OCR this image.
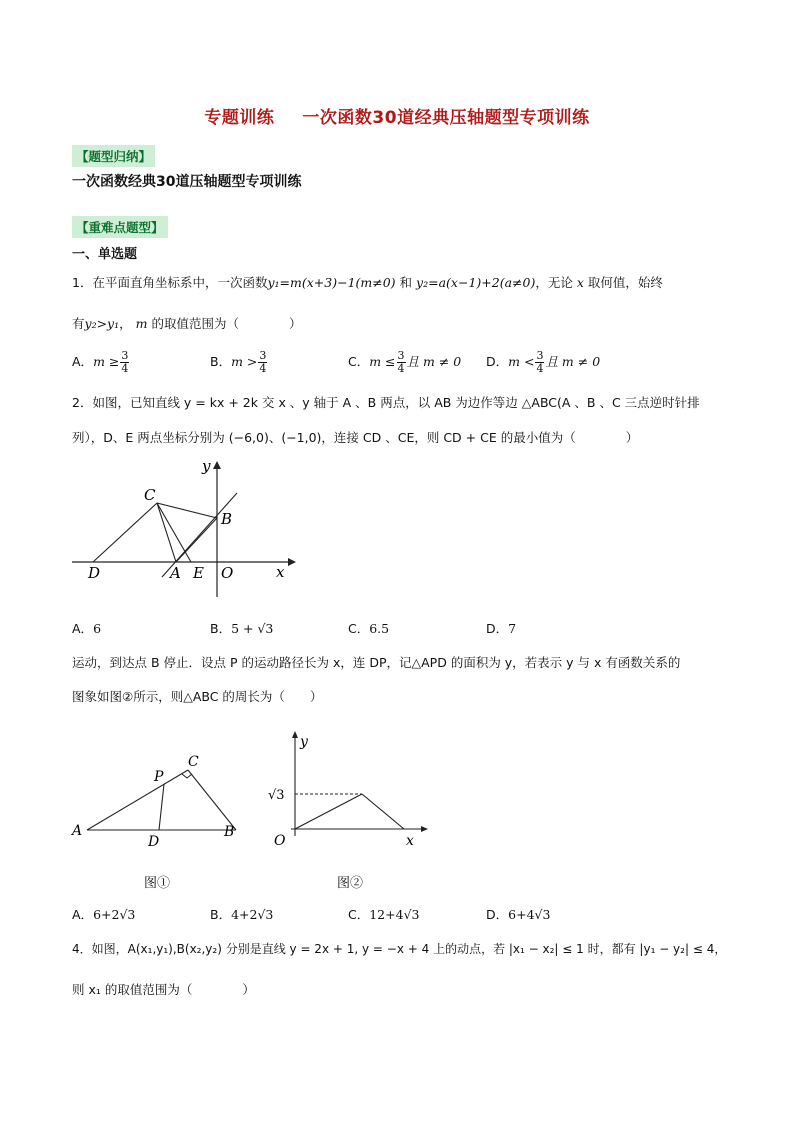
专题训练 一次函数30道经典压轴题型专项训练
【题型归纳】
一次函数经典30道压轴题型专项训练
【重难点题型】
一、单选题
1．在平面直角坐标系中，一次函数y₁=m(x+3)−1(m≠0) 和 y₂=a(x−1)+2(a≠0)，无论 x 取何值，始终
有y₂>y₁， m 的取值范围为（　　　　）
A．$m \ge \frac{3}{4}$	B．$m > \frac{3}{4}$	C．$m \le \frac{3}{4}$ 且 m ≠ 0 D．$m < \frac{3}{4}$ 且 m ≠ 0
2．如图，已知直线 y = kx + 2k 交 x 、y 轴于 A 、B 两点，以 AB 为边作等边 △ABC(A 、B 、C 三点逆时针排
列），D、E 两点坐标分别为 (−6,0)、(−1,0)，连接 CD 、CE，则 CD + CE 的最小值为（　　　　）
C
B
D	A E O	x
y
A．6	B．5 + √3	C．6.5	D．7
运动，到达点 B 停止．设点 P 的运动路径长为 x，连 DP，记△APD 的面积为 y，若表示 y 与 x 有函数关系的
图象如图②所示，则△ABC 的周长为（　　）
A	B
C
P
D
图①
y
x
O
√3
图②
A．6+2√3	B．4+2√3	C．12+4√3	D．6+4√3
4．如图，A(x₁,y₁),B(x₂,y₂) 分别是直线 y = 2x + 1, y = −x + 4 上的动点，若 |x₁ − x₂| ≤ 1 时，都有 |y₁ − y₂| ≤ 4，
则 x₁ 的取值范围为（　　　　）
